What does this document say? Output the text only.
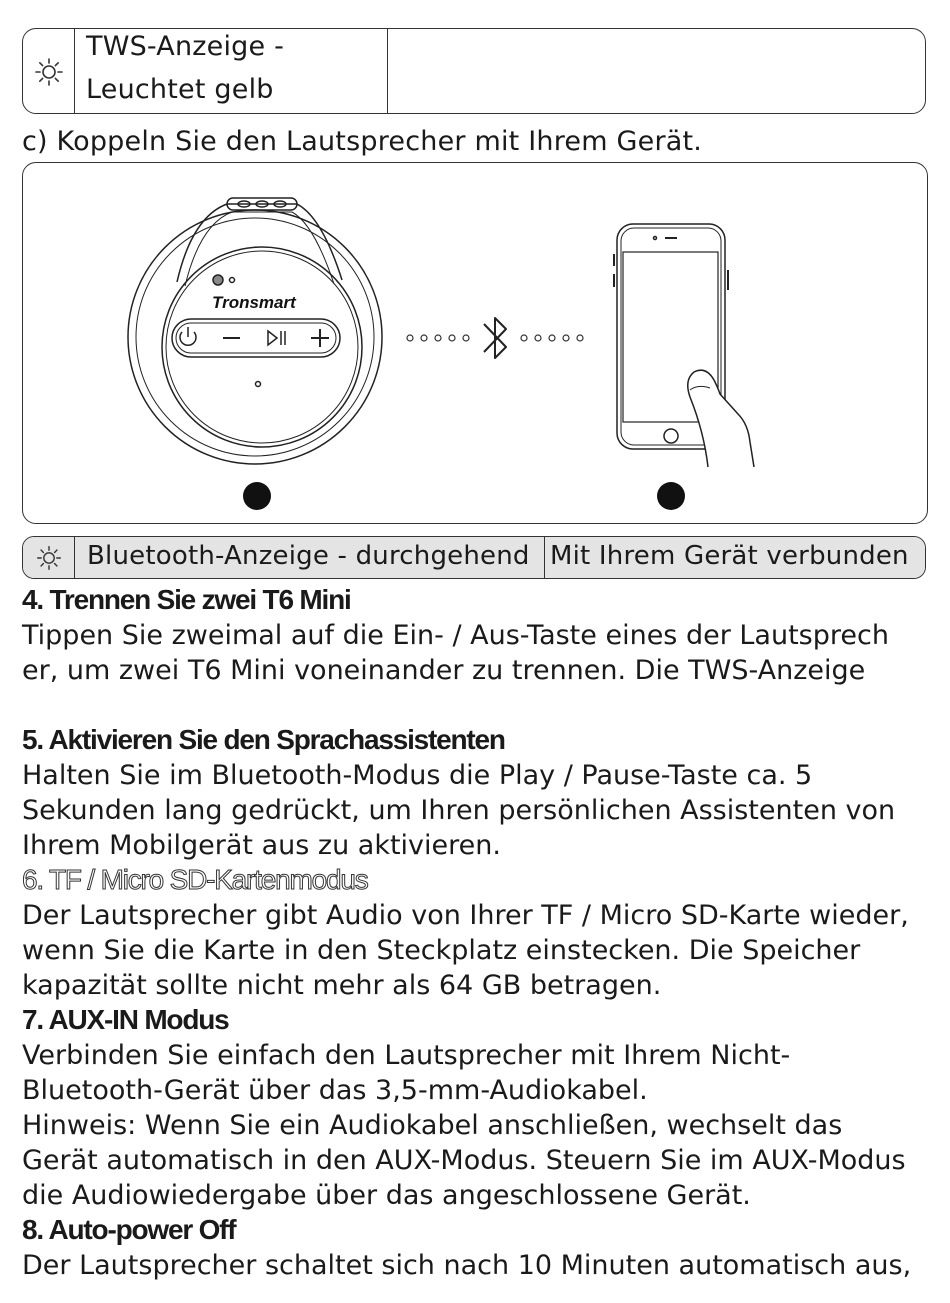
TWS-Anzeige -
Leuchtet gelb
c) Koppeln Sie den Lautsprecher mit Ihrem Gerät.
Tronsmart
Bluetooth-Anzeige - durchgehend Mit Ihrem Gerät verbunden
4. Trennen Sie zwei T6 Mini
Tippen Sie zweimal auf die Ein- / Aus-Taste eines der Lautsprech
er, um zwei T6 Mini voneinander zu trennen. Die TWS-Anzeige
5. Aktivieren Sie den Sprachassistenten
Halten Sie im Bluetooth-Modus die Play / Pause-Taste ca. 5
Sekunden lang gedrückt, um Ihren persönlichen Assistenten von
Ihrem Mobilgerät aus zu aktivieren.
6. TF / Micro SD-Kartenmodus
Der Lautsprecher gibt Audio von Ihrer TF / Micro SD-Karte wieder,
wenn Sie die Karte in den Steckplatz einstecken. Die Speicher
kapazität sollte nicht mehr als 64 GB betragen.
7. AUX-IN Modus
Verbinden Sie einfach den Lautsprecher mit Ihrem Nicht-
Bluetooth-Gerät über das 3,5-mm-Audiokabel.
Hinweis: Wenn Sie ein Audiokabel anschließen, wechselt das
Gerät automatisch in den AUX-Modus. Steuern Sie im AUX-Modus
die Audiowiedergabe über das angeschlossene Gerät.
8. Auto-power Off
Der Lautsprecher schaltet sich nach 10 Minuten automatisch aus,
